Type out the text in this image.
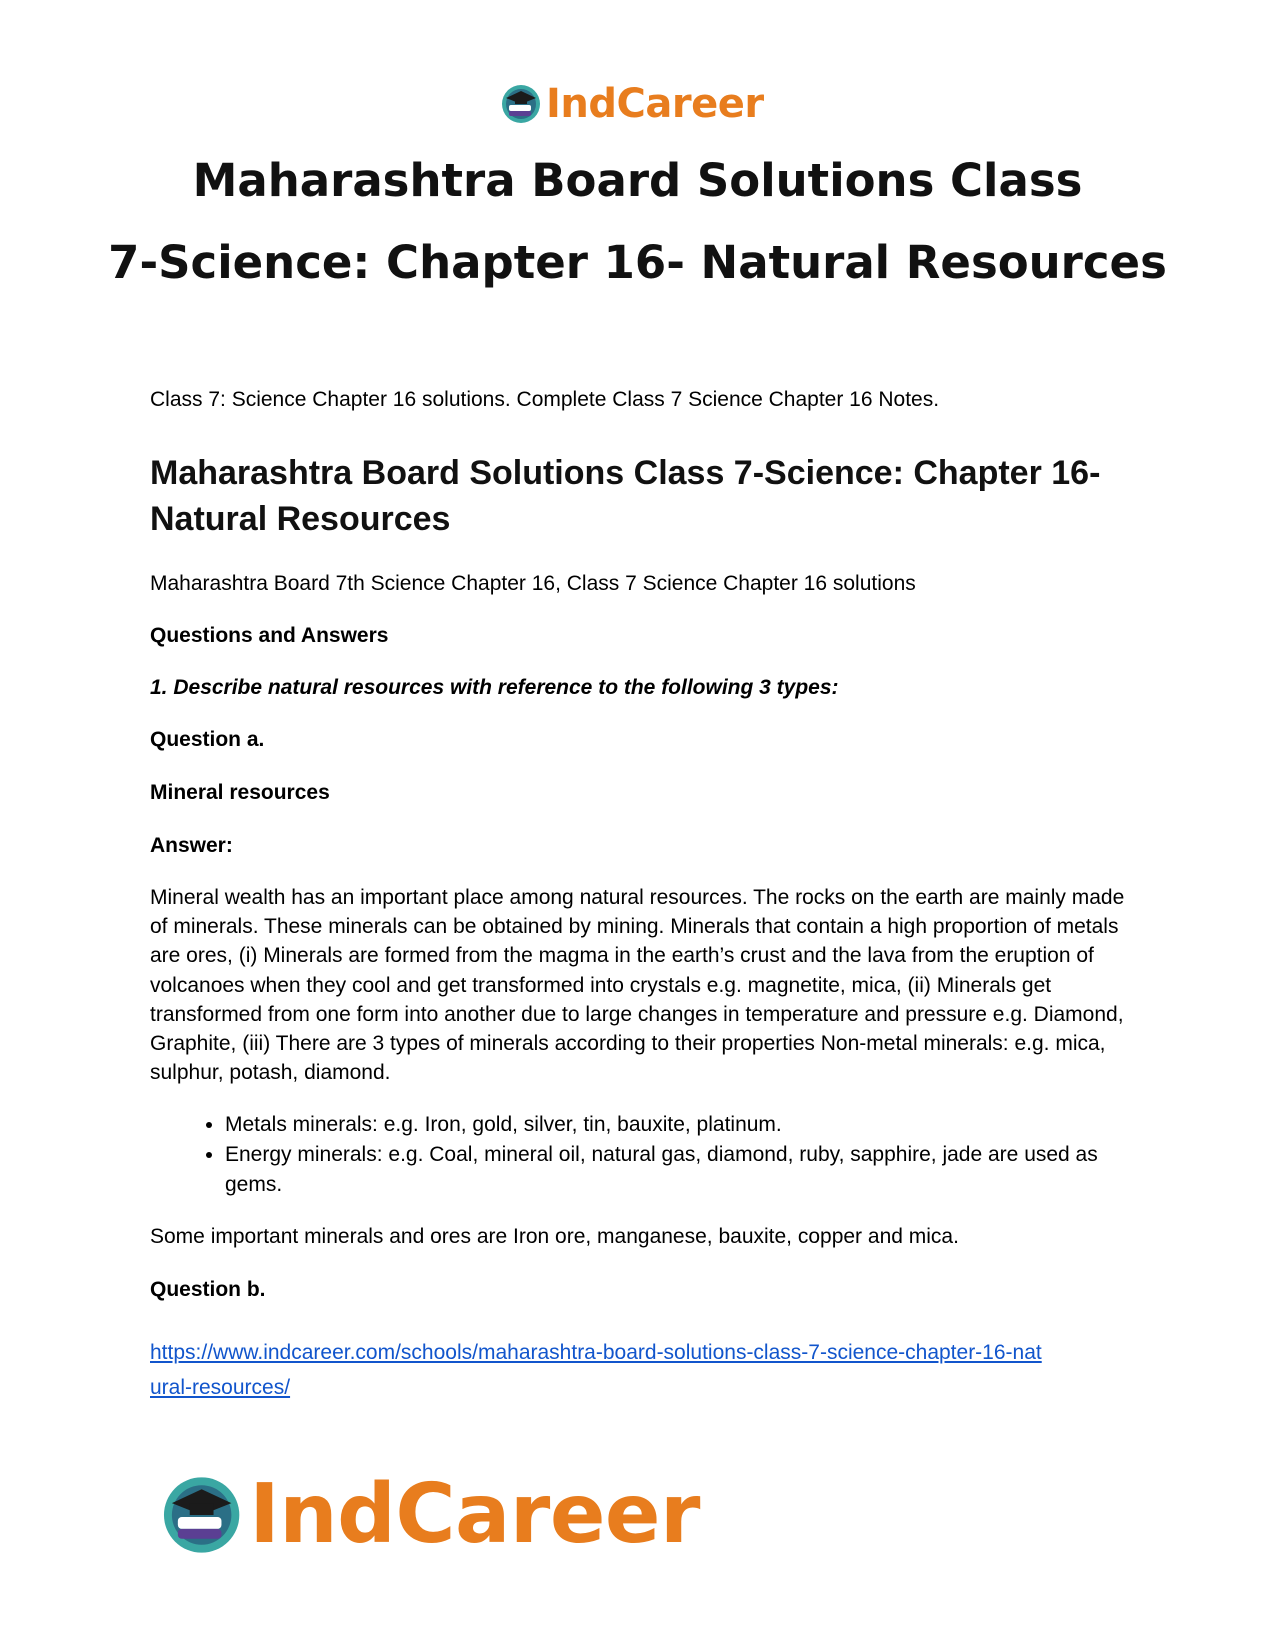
IndCareer
Maharashtra Board Solutions Class
7-Science: Chapter 16- Natural Resources

Class 7: Science Chapter 16 solutions. Complete Class 7 Science Chapter 16 Notes.

Maharashtra Board Solutions Class 7-Science: Chapter 16- Natural Resources

Maharashtra Board 7th Science Chapter 16, Class 7 Science Chapter 16 solutions

Questions and Answers

1. Describe natural resources with reference to the following 3 types:

Question a.

Mineral resources

Answer:

Mineral wealth has an important place among natural resources. The rocks on the earth are mainly made of minerals. These minerals can be obtained by mining. Minerals that contain a high proportion of metals are ores, (i) Minerals are formed from the magma in the earth’s crust and the lava from the eruption of volcanoes when they cool and get transformed into crystals e.g. magnetite, mica, (ii) Minerals get transformed from one form into another due to large changes in temperature and pressure e.g. Diamond, Graphite, (iii) There are 3 types of minerals according to their properties Non-metal minerals: e.g. mica, sulphur, potash, diamond.

• Metals minerals: e.g. Iron, gold, silver, tin, bauxite, platinum.
• Energy minerals: e.g. Coal, mineral oil, natural gas, diamond, ruby, sapphire, jade are used as gems.

Some important minerals and ores are Iron ore, manganese, bauxite, copper and mica.

Question b.

https://www.indcareer.com/schools/maharashtra-board-solutions-class-7-science-chapter-16-nat
ural-resources/
IndCareer
